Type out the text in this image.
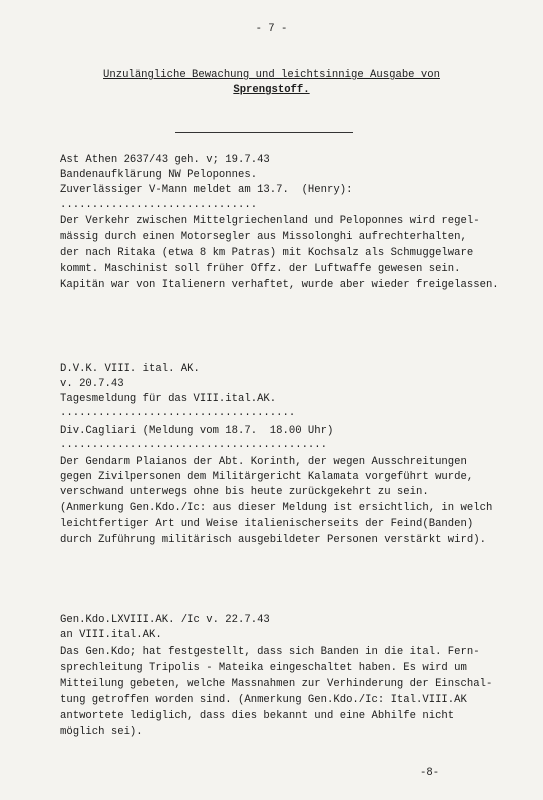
- 7 -
Unzulängliche Bewachung und leichtsinnige Ausgabe von
Sprengstoff.
Ast Athen 2637/43 geh. v; 19.7.43
Bandenaufklärung NW Peloponnes.
Zuverlässiger V-Mann meldet am 13.7.  (Henry):
...............................
Der Verkehr zwischen Mittelgriechenland und Peloponnes wird regel-
mässig durch einen Motorsegler aus Missolonghi aufrechterhalten,
der nach Ritaka (etwa 8 km Patras) mit Kochsalz als Schmuggelware
kommt. Maschinist soll früher Offz. der Luftwaffe gewesen sein.
Kapitän war von Italienern verhaftet, wurde aber wieder freigelassen.
D.V.K. VIII. ital. AK.
v. 20.7.43
Tagesmeldung für das VIII.ital.AK.
.....................................
Div.Cagliari (Meldung vom 18.7.  18.00 Uhr)
..........................................
Der Gendarm Plaianos der Abt. Korinth, der wegen Ausschreitungen
gegen Zivilpersonen dem Militärgericht Kalamata vorgeführt wurde,
verschwand unterwegs ohne bis heute zurückgekehrt zu sein.
(Anmerkung Gen.Kdo./Ic: aus dieser Meldung ist ersichtlich, in welch
leichtfertiger Art und Weise italienischerseits der Feind(Banden)
durch Zuführung militärisch ausgebildeter Personen verstärkt wird).
Gen.Kdo.LXVIII.AK. /Ic v. 22.7.43
an VIII.ital.AK.
Das Gen.Kdo; hat festgestellt, dass sich Banden in die ital. Fern-
sprechleitung Tripolis - Mateika eingeschaltet haben. Es wird um
Mitteilung gebeten, welche Massnahmen zur Verhinderung der Einschal-
tung getroffen worden sind. (Anmerkung Gen.Kdo./Ic: Ital.VIII.AK
antwortete lediglich, dass dies bekannt und eine Abhilfe nicht
möglich sei).
-8-
